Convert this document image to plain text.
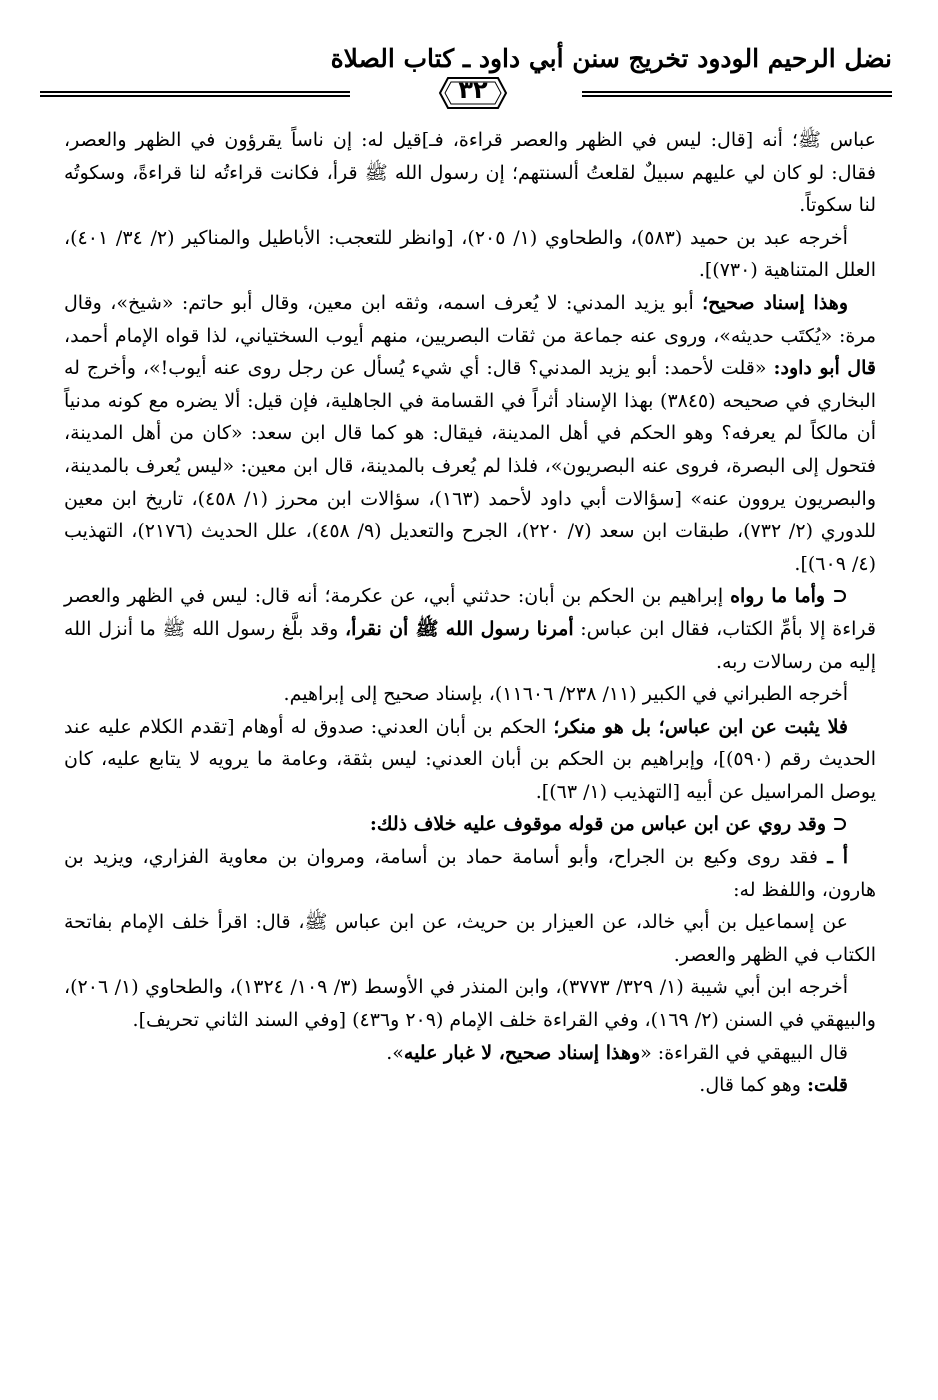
نضل الرحيم الودود تخريج سنن أبي داود ـ كتاب الصلاة
٣٢

عباس ﷺ؛ أنه [قال: ليس في الظهر والعصر قراءة، فـ]قيل له: إن ناساً يقرؤون في الظهر والعصر، فقال: لو كان لي عليهم سبيلٌ لقلعتُ ألسنتهم؛ إن رسول الله ﷺ قرأ، فكانت قراءتُه لنا قراءةً، وسكوتُه لنا سكوتاً.

أخرجه عبد بن حميد (٥٨٣)، والطحاوي (١/ ٢٠٥)، [وانظر للتعجب: الأباطيل والمناكير (٢/ ٣٤/ ٤٠١)، العلل المتناهية (٧٣٠)].

وهذا إسناد صحيح؛ أبو يزيد المدني: لا يُعرف اسمه، وثقه ابن معين، وقال أبو حاتم: «شيخ»، وقال مرة: «يُكتَب حديثه»، وروى عنه جماعة من ثقات البصريين، منهم أيوب السختياني، لذا قواه الإمام أحمد، قال أبو داود: «قلت لأحمد: أبو يزيد المدني؟ قال: أي شيء يُسأل عن رجل روى عنه أيوب!»، وأخرج له البخاري في صحيحه (٣٨٤٥) بهذا الإسناد أثراً في القسامة في الجاهلية، فإن قيل: ألا يضره مع كونه مدنياً أن مالكاً لم يعرفه؟ وهو الحكم في أهل المدينة، فيقال: هو كما قال ابن سعد: «كان من أهل المدينة، فتحول إلى البصرة، فروى عنه البصريون»، فلذا لم يُعرف بالمدينة، قال ابن معين: «ليس يُعرف بالمدينة، والبصريون يروون عنه» [سؤالات أبي داود لأحمد (١٦٣)، سؤالات ابن محرز (١/ ٤٥٨)، تاريخ ابن معين للدوري (٢/ ٧٣٢)، طبقات ابن سعد (٧/ ٢٢٠)، الجرح والتعديل (٩/ ٤٥٨)، علل الحديث (٢١٧٦)، التهذيب (٤/ ٦٠٩)].

⊂ وأما ما رواه إبراهيم بن الحكم بن أبان: حدثني أبي، عن عكرمة؛ أنه قال: ليس في الظهر والعصر قراءة إلا بأمِّ الكتاب، فقال ابن عباس: أمرنا رسول الله ﷺ أن نقرأ، وقد بلَّغ رسول الله ﷺ ما أنزل الله إليه من رسالات ربه.

أخرجه الطبراني في الكبير (١١/ ٢٣٨/ ١١٦٠٦)، بإسناد صحيح إلى إبراهيم.

فلا يثبت عن ابن عباس؛ بل هو منكر؛ الحكم بن أبان العدني: صدوق له أوهام [تقدم الكلام عليه عند الحديث رقم (٥٩٠)]، وإبراهيم بن الحكم بن أبان العدني: ليس بثقة، وعامة ما يرويه لا يتابع عليه، كان يوصل المراسيل عن أبيه [التهذيب (١/ ٦٣)].

⊂ وقد روي عن ابن عباس من قوله موقوف عليه خلاف ذلك:

أ ـ فقد روى وكيع بن الجراح، وأبو أسامة حماد بن أسامة، ومروان بن معاوية الفزاري، ويزيد بن هارون، واللفظ له:

عن إسماعيل بن أبي خالد، عن العيزار بن حريث، عن ابن عباس ﷺ، قال: اقرأ خلف الإمام بفاتحة الكتاب في الظهر والعصر.

أخرجه ابن أبي شيبة (١/ ٣٢٩/ ٣٧٧٣)، وابن المنذر في الأوسط (٣/ ١٠٩/ ١٣٢٤)، والطحاوي (١/ ٢٠٦)، والبيهقي في السنن (٢/ ١٦٩)، وفي القراءة خلف الإمام (٢٠٩ و٤٣٦) [وفي السند الثاني تحريف].

قال البيهقي في القراءة: «وهذا إسناد صحيح، لا غبار عليه».

قلت: وهو كما قال.
